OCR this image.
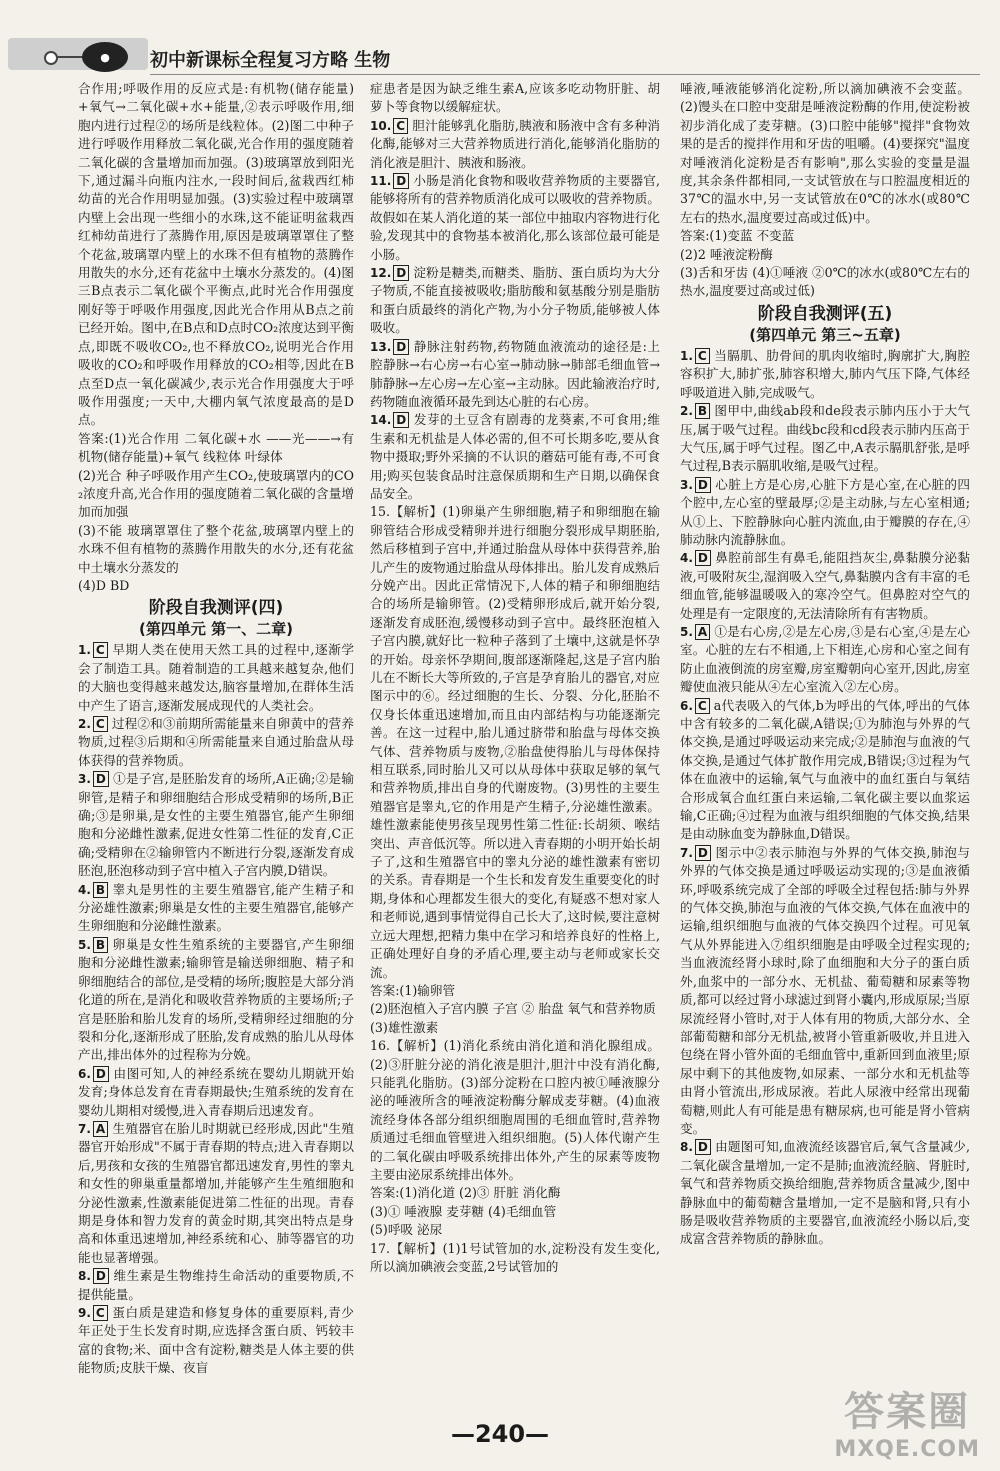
●	初中新课标全程复习方略 生物

合作用;呼吸作用的反应式是:有机物(储存能量)+氧气→二氧化碳+水+能量,②表示呼吸作用,细胞内进行过程②的场所是线粒体。(2)图二中种子进行呼吸作用释放二氧化碳,光合作用的强度随着二氧化碳的含量增加而加强。(3)玻璃罩放到阳光下,通过漏斗向瓶内注水,一段时间后,盆栽西红柿幼苗的光合作用明显加强。(3)实验过程中玻璃罩内壁上会出现一些细小的水珠,这不能证明盆栽西红柿幼苗进行了蒸腾作用,原因是玻璃罩罩住了整个花盆,玻璃罩内壁上的水珠不但有植物的蒸腾作用散失的水分,还有花盆中土壤水分蒸发的。(4)图三B点表示二氧化碳个平衡点,此时光合作用强度刚好等于呼吸作用强度,因此光合作用从B点之前已经开始。图中,在B点和D点时CO₂浓度达到平衡点,即既不吸收CO₂,也不释放CO₂,说明光合作用吸收的CO₂和呼吸作用释放的CO₂相等,因此在B点至D点一氧化碳减少,表示光合作用强度大于呼吸作用强度;一天中,大棚内氧气浓度最高的是D点。

答案:(1)光合作用 二氧化碳+水 ——光——→有机物(储存能量)+氧气 线粒体 叶绿体

(2)光合 种子呼吸作用产生CO₂,使玻璃罩内的CO₂浓度升高,光合作用的强度随着二氧化碳的含量增加而加强

(3)不能 玻璃罩罩住了整个花盆,玻璃罩内壁上的水珠不但有植物的蒸腾作用散失的水分,还有花盆中土壤水分蒸发的

(4)D BD

阶段自我测评(四)
(第四单元 第一、二章)

1. C 早期人类在使用天然工具的过程中,逐渐学会了制造工具。随着制造的工具越来越复杂,他们的大脑也变得越来越发达,脑容量增加,在群体生活中产生了语言,逐渐发展成现代的人类社会。

2. C 过程②和③前期所需能量来自卵黄中的营养物质,过程③后期和④所需能量来自通过胎盘从母体获得的营养物质。

3. D ①是子宫,是胚胎发育的场所,A正确;②是输卵管,是精子和卵细胞结合形成受精卵的场所,B正确;③是卵巢,是女性的主要生殖器官,能产生卵细胞和分泌雌性激素,促进女性第二性征的发育,C正确;受精卵在②输卵管内不断进行分裂,逐渐发育成胚泡,胚泡移动到子宫中植入子宫内膜,D错误。

4. B 睾丸是男性的主要生殖器官,能产生精子和分泌雄性激素;卵巢是女性的主要生殖器官,能够产生卵细胞和分泌雌性激素。

5. B 卵巢是女性生殖系统的主要器官,产生卵细胞和分泌雌性激素;输卵管是输送卵细胞、精子和卵细胞结合的部位,是受精的场所;腹腔是大部分消化道的所在,是消化和吸收营养物质的主要场所;子宫是胚胎和胎儿发育的场所,受精卵经过细胞的分裂和分化,逐渐形成了胚胎,发育成熟的胎儿从母体产出,排出体外的过程称为分娩。

6. D 由图可知,人的神经系统在婴幼儿期就开始发育;身体总发育在青春期最快;生殖系统的发育在婴幼儿期相对缓慢,进入青春期后迅速发育。

7. A 生殖器官在胎儿时期就已经形成,因此"生殖器官开始形成"不属于青春期的特点;进入青春期以后,男孩和女孩的生殖器官都迅速发育,男性的睾丸和女性的卵巢重量都增加,并能够产生生殖细胞和分泌性激素,性激素能促进第二性征的出现。青春期是身体和智力发育的黄金时期,其突出特点是身高和体重迅速增加,神经系统和心、肺等器官的功能也显著增强。

8. D 维生素是生物维持生命活动的重要物质,不提供能量。

9. C 蛋白质是建造和修复身体的重要原料,青少年正处于生长发育时期,应选择含蛋白质、钙较丰富的食物;米、面中含有淀粉,糖类是人体主要的供能物质;皮肤干燥、夜盲

症患者是因为缺乏维生素A,应该多吃动物肝脏、胡萝卜等食物以缓解症状。

10. C 胆汁能够乳化脂肪,胰液和肠液中含有多种消化酶,能够对三大营养物质进行消化,能够消化脂肪的消化液是胆汁、胰液和肠液。

11. D 小肠是消化食物和吸收营养物质的主要器官,能够将所有的营养物质消化成可以吸收的营养物质。故假如在某人消化道的某一部位中抽取内容物进行化验,发现其中的食物基本被消化,那么该部位最可能是小肠。

12. D 淀粉是糖类,而糖类、脂肪、蛋白质均为大分子物质,不能直接被吸收;脂肪酸和氨基酸分别是脂肪和蛋白质最终的消化产物,为小分子物质,能够被人体吸收。

13. D 静脉注射药物,药物随血液流动的途径是:上腔静脉→右心房→右心室→肺动脉→肺部毛细血管→肺静脉→左心房→左心室→主动脉。因此输液治疗时,药物随血液循环最先到达心脏的右心房。

14. D 发芽的土豆含有剧毒的龙葵素,不可食用;维生素和无机盐是人体必需的,但不可长期多吃,要从食物中摄取;野外采摘的不认识的蘑菇可能有毒,不可食用;购买包装食品时注意保质期和生产日期,以确保食品安全。

15.【解析】(1)卵巢产生卵细胞,精子和卵细胞在输卵管结合形成受精卵并进行细胞分裂形成早期胚胎,然后移植到子宫中,并通过胎盘从母体中获得营养,胎儿产生的废物通过胎盘从母体排出。胎儿发育成熟后分娩产出。因此正常情况下,人体的精子和卵细胞结合的场所是输卵管。(2)受精卵形成后,就开始分裂,逐渐发育成胚泡,缓慢移动到子宫中。最终胚泡植入子宫内膜,就好比一粒种子落到了土壤中,这就是怀孕的开始。母亲怀孕期间,腹部逐渐隆起,这是子宫内胎儿在不断长大等所致的,子宫是孕育胎儿的器官,对应图示中的⑥。经过细胞的生长、分裂、分化,胚胎不仅身长体重迅速增加,而且由内部结构与功能逐渐完善。在这一过程中,胎儿通过脐带和胎盘与母体交换气体、营养物质与废物,②胎盘使得胎儿与母体保持相互联系,同时胎儿又可以从母体中获取足够的氧气和营养物质,排出自身的代谢废物。(3)男性的主要生殖器官是睾丸,它的作用是产生精子,分泌雄性激素。雄性激素能使男孩呈现男性第二性征:长胡须、喉结突出、声音低沉等。所以进入青春期的小明开始长胡子了,这和生殖器官中的睾丸分泌的雄性激素有密切的关系。青春期是一个生长和发育发生重要变化的时期,身体和心理都发生很大的变化,有疑惑不想对家人和老师说,遇到事情觉得自己长大了,这时候,要注意树立远大理想,把精力集中在学习和培养良好的性格上,正确处理好自身的矛盾心理,要主动与老师或家长交流。

答案:(1)输卵管

(2)胚泡植入子宫内膜 子宫 ② 胎盘 氧气和营养物质

(3)雄性激素

16.【解析】(1)消化系统由消化道和消化腺组成。(2)③肝脏分泌的消化液是胆汁,胆汁中没有消化酶,只能乳化脂肪。(3)部分淀粉在口腔内被①唾液腺分泌的唾液所含的唾液淀粉酶分解成麦芽糖。(4)血液流经身体各部分组织细胞周围的毛细血管时,营养物质通过毛细血管壁进入组织细胞。(5)人体代谢产生的二氧化碳由呼吸系统排出体外,产生的尿素等废物主要由泌尿系统排出体外。

答案:(1)消化道 (2)③ 肝脏 消化酶

(3)① 唾液腺 麦芽糖 (4)毛细血管

(5)呼吸 泌尿

17.【解析】(1)1号试管加的水,淀粉没有发生变化,所以滴加碘液会变蓝,2号试管加的

唾液,唾液能够消化淀粉,所以滴加碘液不会变蓝。(2)馒头在口腔中变甜是唾液淀粉酶的作用,使淀粉被初步消化成了麦芽糖。(3)口腔中能够"搅拌"食物效果的是舌的搅拌作用和牙齿的咀嚼。(4)要探究"温度对唾液消化淀粉是否有影响",那么实验的变量是温度,其余条件都相同,一支试管放在与口腔温度相近的37℃的温水中,另一支试管放在0℃的冰水(或80℃左右的热水,温度要过高或过低)中。

答案:(1)变蓝 不变蓝

(2)2 唾液淀粉酶

(3)舌和牙齿 (4)①唾液 ②0℃的冰水(或80℃左右的热水,温度要过高或过低)

阶段自我测评(五)
(第四单元 第三~五章)

1. C 当膈肌、肋骨间的肌肉收缩时,胸廓扩大,胸腔容积扩大,肺扩张,肺容积增大,肺内气压下降,气体经呼吸道进入肺,完成吸气。

2. B 图甲中,曲线ab段和de段表示肺内压小于大气压,属于吸气过程。曲线bc段和cd段表示肺内压高于大气压,属于呼气过程。图乙中,A表示膈肌舒张,是呼气过程,B表示膈肌收缩,是吸气过程。

3. D 心脏上方是心房,心脏下方是心室,在心脏的四个腔中,左心室的壁最厚;②是主动脉,与左心室相通;从①上、下腔静脉向心脏内流血,由于瓣膜的存在,④肺动脉内流静脉血。

4. D 鼻腔前部生有鼻毛,能阻挡灰尘,鼻黏膜分泌黏液,可吸附灰尘,湿润吸入空气,鼻黏膜内含有丰富的毛细血管,能够温暖吸入的寒冷空气。但鼻腔对空气的处理是有一定限度的,无法清除所有有害物质。

5. A ①是右心房,②是左心房,③是右心室,④是左心室。心脏的左右不相通,上下相连,心房和心室之间有防止血液倒流的房室瓣,房室瓣朝向心室开,因此,房室瓣使血液只能从④左心室流入②左心房。

6. C a代表吸入的气体,b为呼出的气体,呼出的气体中含有较多的二氧化碳,A错误;①为肺泡与外界的气体交换,是通过呼吸运动来完成;②是肺泡与血液的气体交换,是通过气体扩散作用完成,B错误;③过程为气体在血液中的运输,氧气与血液中的血红蛋白与氧结合形成氧合血红蛋白来运输,二氧化碳主要以血浆运输,C正确;④过程为血液与组织细胞的气体交换,结果是由动脉血变为静脉血,D错误。

7. D 图示中②表示肺泡与外界的气体交换,肺泡与外界的气体交换是通过呼吸运动实现的;③是血液循环,呼吸系统完成了全部的呼吸全过程包括:肺与外界的气体交换,肺泡与血液的气体交换,气体在血液中的运输,组织细胞与血液的气体交换四个过程。可见氧气从外界能进入⑦组织细胞是由呼吸全过程实现的;当血液流经肾小球时,除了血细胞和大分子的蛋白质外,血浆中的一部分水、无机盐、葡萄糖和尿素等物质,都可以经过肾小球滤过到肾小囊内,形成原尿;当原尿流经肾小管时,对于人体有用的物质,大部分水、全部葡萄糖和部分无机盐,被肾小管重新吸收,并且进入包绕在肾小管外面的毛细血管中,重新回到血液里;原尿中剩下的其他废物,如尿素、一部分水和无机盐等由肾小管流出,形成尿液。若此人尿液中经常出现葡萄糖,则此人有可能是患有糖尿病,也可能是肾小管病变。

8. D 由题图可知,血液流经该器官后,氧气含量减少,二氧化碳含量增加,一定不是肺;血液流经脑、肾脏时,氧气和营养物质交换给细胞,营养物质含量减少,图中静脉血中的葡萄糖含量增加,一定不是脑和肾,只有小肠是吸收营养物质的主要器官,血液流经小肠以后,变成富含营养物质的静脉血。

—240—	答案圈
MXQE.COM
